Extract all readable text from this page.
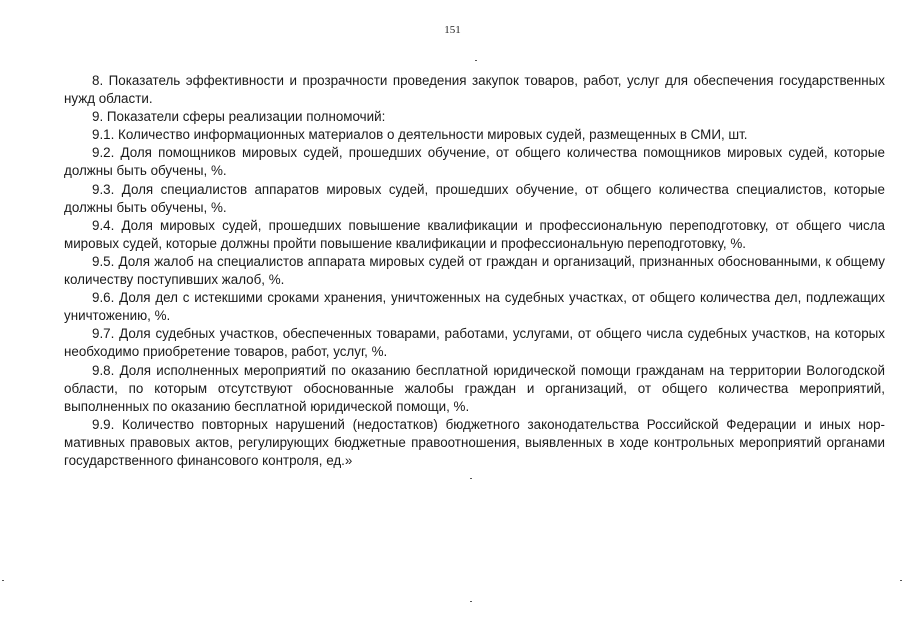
151

8. Показатель эффективности и прозрачности проведения закупок товаров, работ, услуг для обеспечения государственных нужд области.

9. Показатели сферы реализации полномочий:

9.1. Количество информационных материалов о деятельности мировых судей, размещенных в СМИ, шт.

9.2. Доля помощников мировых судей, прошедших обучение, от общего количества помощников мировых судей, которые должны быть обучены, %.

9.3. Доля специалистов аппаратов мировых судей, прошедших обучение, от общего количества специалистов, которые должны быть обучены, %.

9.4. Доля мировых судей, прошедших повышение квалификации и профессиональную переподготовку, от общего числа мировых судей, которые должны пройти повышение квалификации и профессиональную переподготовку, %.

9.5. Доля жалоб на специалистов аппарата мировых судей от граждан и организаций, признанных обоснованными, к общему количеству поступивших жалоб, %.

9.6. Доля дел с истекшими сроками хранения, уничтоженных на судебных участках, от общего количества дел, подлежащих уничтожению, %.

9.7. Доля судебных участков, обеспеченных товарами, работами, услугами, от общего числа судебных участков, на которых необходимо приобретение товаров, работ, услуг, %.

9.8. Доля исполненных мероприятий по оказанию бесплатной юридической помощи гражданам на территории Вологодской области, по которым отсутствуют обоснованные жалобы граждан и организаций, от общего количества мероприятий, выполненных по оказанию бесплатной юридической помощи, %.

9.9. Количество повторных нарушений (недостатков) бюджетного законодательства Российской Федерации и иных нормативных правовых актов, регулирующих бюджетные правоотношения, выявленных в ходе контрольных мероприятий органами государственного финансового контроля, ед.»
